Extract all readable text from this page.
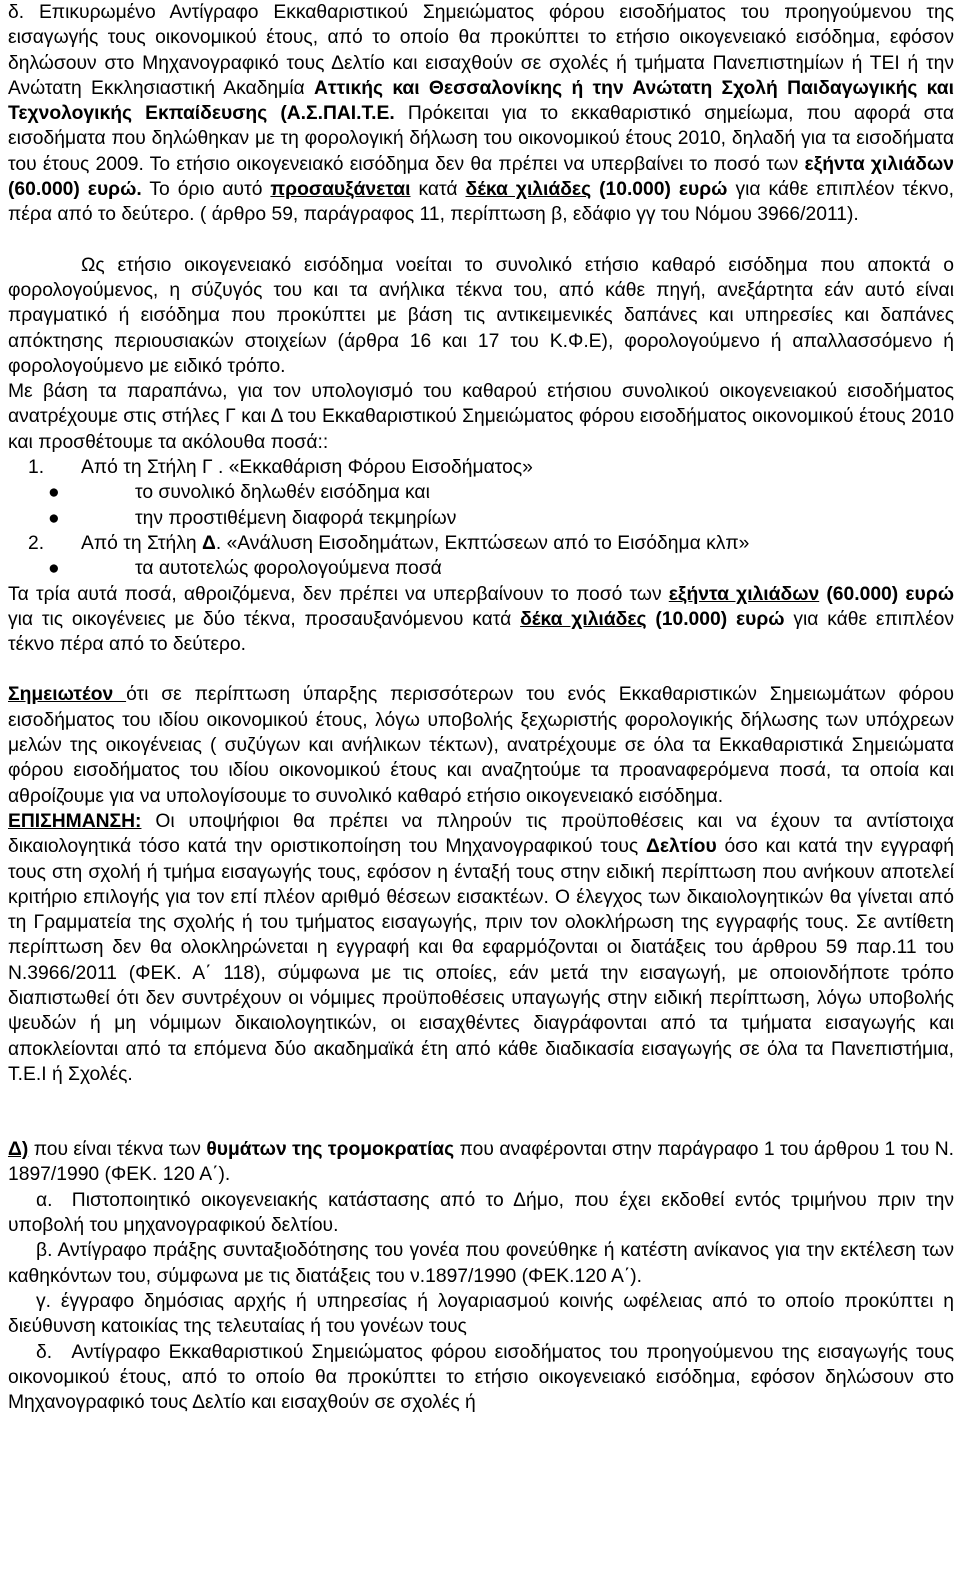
δ. Επικυρωμένο Αντίγραφο Εκκαθαριστικού Σημειώματος φόρου εισοδήματος του προηγούμενου της εισαγωγής τους οικονομικού έτους, από το οποίο θα προκύπτει το ετήσιο οικογενειακό εισόδημα, εφόσον δηλώσουν στο Μηχανογραφικό τους Δελτίο και εισαχθούν σε σχολές ή τμήματα Πανεπιστημίων ή ΤΕΙ ή την Ανώτατη Εκκλησιαστική Ακαδημία Αττικής και Θεσσαλονίκης ή την Ανώτατη Σχολή Παιδαγωγικής και Τεχνολογικής Εκπαίδευσης (Α.Σ.ΠΑΙ.Τ.Ε. Πρόκειται για το εκκαθαριστικό σημείωμα, που αφορά στα εισοδήματα που δηλώθηκαν με τη φορολογική δήλωση του οικονομικού έτους 2010, δηλαδή για τα εισοδήματα του έτους 2009. Το ετήσιο οικογενειακό εισόδημα δεν θα πρέπει να υπερβαίνει το ποσό των εξήντα χιλιάδων (60.000) ευρώ. Το όριο αυτό προσαυξάνεται κατά δέκα χιλιάδες (10.000) ευρώ για κάθε επιπλέον τέκνο, πέρα από το δεύτερο. ( άρθρο 59, παράγραφος 11, περίπτωση β, εδάφιο γγ του Νόμου 3966/2011).

Ως ετήσιο οικογενειακό εισόδημα νοείται το συνολικό ετήσιο καθαρό εισόδημα που αποκτά ο φορολογούμενος, η σύζυγός του και τα ανήλικα τέκνα του, από κάθε πηγή, ανεξάρτητα εάν αυτό είναι πραγματικό ή εισόδημα που προκύπτει με βάση τις αντικειμενικές δαπάνες και υπηρεσίες και δαπάνες απόκτησης περιουσιακών στοιχείων (άρθρα 16 και 17 του Κ.Φ.Ε), φορολογούμενο ή απαλλασσόμενο ή φορολογούμενο με ειδικό τρόπο.

Με βάση τα παραπάνω, για τον υπολογισμό του καθαρού ετήσιου συνολικού οικογενειακού εισοδήματος ανατρέχουμε στις στήλες Γ και Δ του Εκκαθαριστικού Σημειώματος φόρου εισοδήματος οικονομικού έτους 2010 και προσθέτουμε τα ακόλουθα ποσά::

1.	Από τη Στήλη Γ . «Εκκαθάριση Φόρου Εισοδήματος»
●	το συνολικό δηλωθέν εισόδημα και
●	την προστιθέμενη διαφορά τεκμηρίων
2.	Από τη Στήλη Δ. «Ανάλυση Εισοδημάτων, Εκπτώσεων από το Εισόδημα κλπ»
●	τα αυτοτελώς φορολογούμενα ποσά

Τα τρία αυτά ποσά, αθροιζόμενα, δεν πρέπει να υπερβαίνουν το ποσό των εξήντα χιλιάδων (60.000) ευρώ για τις οικογένειες με δύο τέκνα, προσαυξανόμενου κατά δέκα χιλιάδες (10.000) ευρώ για κάθε επιπλέον τέκνο πέρα από το δεύτερο.

Σημειωτέον ότι σε περίπτωση ύπαρξης περισσότερων του ενός Εκκαθαριστικών Σημειωμάτων φόρου εισοδήματος του ιδίου οικονομικού έτους, λόγω υποβολής ξεχωριστής φορολογικής δήλωσης των υπόχρεων μελών της οικογένειας ( συζύγων και ανήλικων τέκτων), ανατρέχουμε σε όλα τα Εκκαθαριστικά Σημειώματα φόρου εισοδήματος του ιδίου οικονομικού έτους και αναζητούμε τα προαναφερόμενα ποσά, τα οποία και αθροίζουμε για να υπολογίσουμε το συνολικό καθαρό ετήσιο οικογενειακό εισόδημα.

ΕΠΙΣΗΜΑΝΣΗ: Οι υποψήφιοι θα πρέπει να πληρούν τις προϋποθέσεις και να έχουν τα αντίστοιχα δικαιολογητικά τόσο κατά την οριστικοποίηση του Μηχανογραφικού τους Δελτίου όσο και κατά την εγγραφή τους στη σχολή ή τμήμα εισαγωγής τους, εφόσον η ένταξή τους στην ειδική περίπτωση που ανήκουν αποτελεί κριτήριο επιλογής για τον επί πλέον αριθμό θέσεων εισακτέων. Ο έλεγχος των δικαιολογητικών θα γίνεται από τη Γραμματεία της σχολής ή του τμήματος εισαγωγής, πριν τον ολοκλήρωση της εγγραφής τους. Σε αντίθετη περίπτωση δεν θα ολοκληρώνεται η εγγραφή και θα εφαρμόζονται οι διατάξεις του άρθρου 59 παρ.11 του Ν.3966/2011 (ΦΕΚ. Α΄ 118), σύμφωνα με τις οποίες, εάν μετά την εισαγωγή, με οποιονδήποτε τρόπο διαπιστωθεί ότι δεν συντρέχουν οι νόμιμες προϋποθέσεις υπαγωγής στην ειδική περίπτωση, λόγω υποβολής ψευδών ή μη νόμιμων δικαιολογητικών, οι εισαχθέντες διαγράφονται από τα τμήματα εισαγωγής και αποκλείονται από τα επόμενα δύο ακαδημαϊκά έτη από κάθε διαδικασία εισαγωγής σε όλα τα Πανεπιστήμια, Τ.Ε.Ι ή Σχολές.

Δ) που είναι τέκνα των θυμάτων της τρομοκρατίας που αναφέρονται στην παράγραφο 1 του άρθρου 1 του Ν. 1897/1990 (ΦΕΚ. 120 Α΄).

α. Πιστοποιητικό οικογενειακής κατάστασης από το Δήμο, που έχει εκδοθεί εντός τριμήνου πριν την υποβολή του μηχανογραφικού δελτίου.

β. Αντίγραφο πράξης συνταξιοδότησης του γονέα που φονεύθηκε ή κατέστη ανίκανος για την εκτέλεση των καθηκόντων του, σύμφωνα με τις διατάξεις του ν.1897/1990 (ΦΕΚ.120 Α΄).

γ. έγγραφο δημόσιας αρχής ή υπηρεσίας ή λογαριασμού κοινής ωφέλειας από το οποίο προκύπτει η διεύθυνση κατοικίας της τελευταίας ή του γονέων τους

δ. Αντίγραφο Εκκαθαριστικού Σημειώματος φόρου εισοδήματος του προηγούμενου της εισαγωγής τους οικονομικού έτους, από το οποίο θα προκύπτει το ετήσιο οικογενειακό εισόδημα, εφόσον δηλώσουν στο Μηχανογραφικό τους Δελτίο και εισαχθούν σε σχολές ή
